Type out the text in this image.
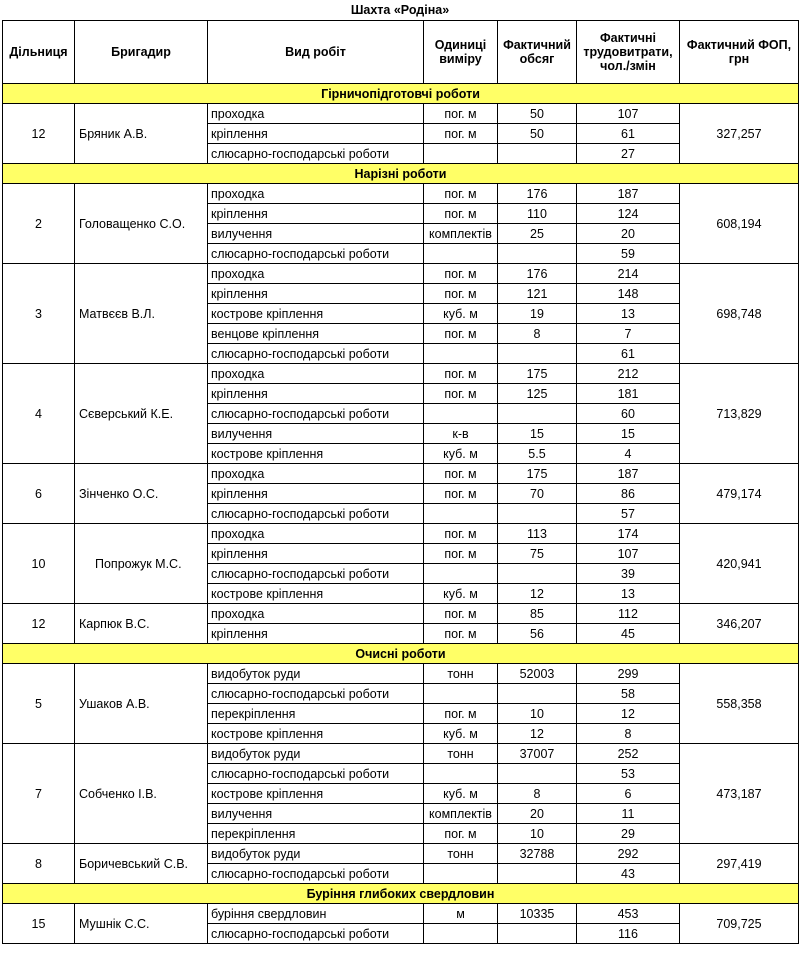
Шахта «Родіна»
Дільниця	Бригадир	Вид робіт	Одиниці виміру	Фактичний обсяг	Фактичні трудовитрати, чол./змін	Фактичний ФОП, грн
Гірничопідготовчі роботи						
12	Бряник А.В.	проходка	пог. м	50	107	327,257
		кріплення	пог. м	50	61	
		слюсарно-господарські роботи			27	
Нарізні роботи						
2	Головащенко С.О.	проходка	пог. м	176	187	608,194
		кріплення	пог. м	110	124	
		вилучення	комплектів	25	20	
		слюсарно-господарські роботи			59	
3	Матвєєв В.Л.	проходка	пог. м	176	214	698,748
		кріплення	пог. м	121	148	
		кострове кріплення	куб. м	19	13	
		венцове кріплення	пог. м	8	7	
		слюсарно-господарські роботи			61	
4	Сєверський К.Е.	проходка	пог. м	175	212	713,829
		кріплення	пог. м	125	181	
		слюсарно-господарські роботи			60	
		вилучення	к-в	15	15	
		кострове кріплення	куб. м	5.5	4	
6	Зінченко О.С.	проходка	пог. м	175	187	479,174
		кріплення	пог. м	70	86	
		слюсарно-господарські роботи			57	
10	Попрожук М.С.	проходка	пог. м	113	174	420,941
		кріплення	пог. м	75	107	
		слюсарно-господарські роботи			39	
		кострове кріплення	куб. м	12	13	
12	Карпюк В.С.	проходка	пог. м	85	112	346,207
		кріплення	пог. м	56	45	
Очисні роботи						
5	Ушаков А.В.	видобуток руди	тонн	52003	299	558,358
		слюсарно-господарські роботи			58	
		перекріплення	пог. м	10	12	
		кострове кріплення	куб. м	12	8	
7	Собченко І.В.	видобуток руди	тонн	37007	252	473,187
		слюсарно-господарські роботи			53	
		кострове кріплення	куб. м	8	6	
		вилучення	комплектів	20	11	
		перекріплення	пог. м	10	29	
8	Боричевський С.В.	видобуток руди	тонн	32788	292	297,419
		слюсарно-господарські роботи			43	
Буріння глибоких свердловин						
15	Мушнік С.С.	буріння свердловин	м	10335	453	709,725
		слюсарно-господарські роботи			116	
